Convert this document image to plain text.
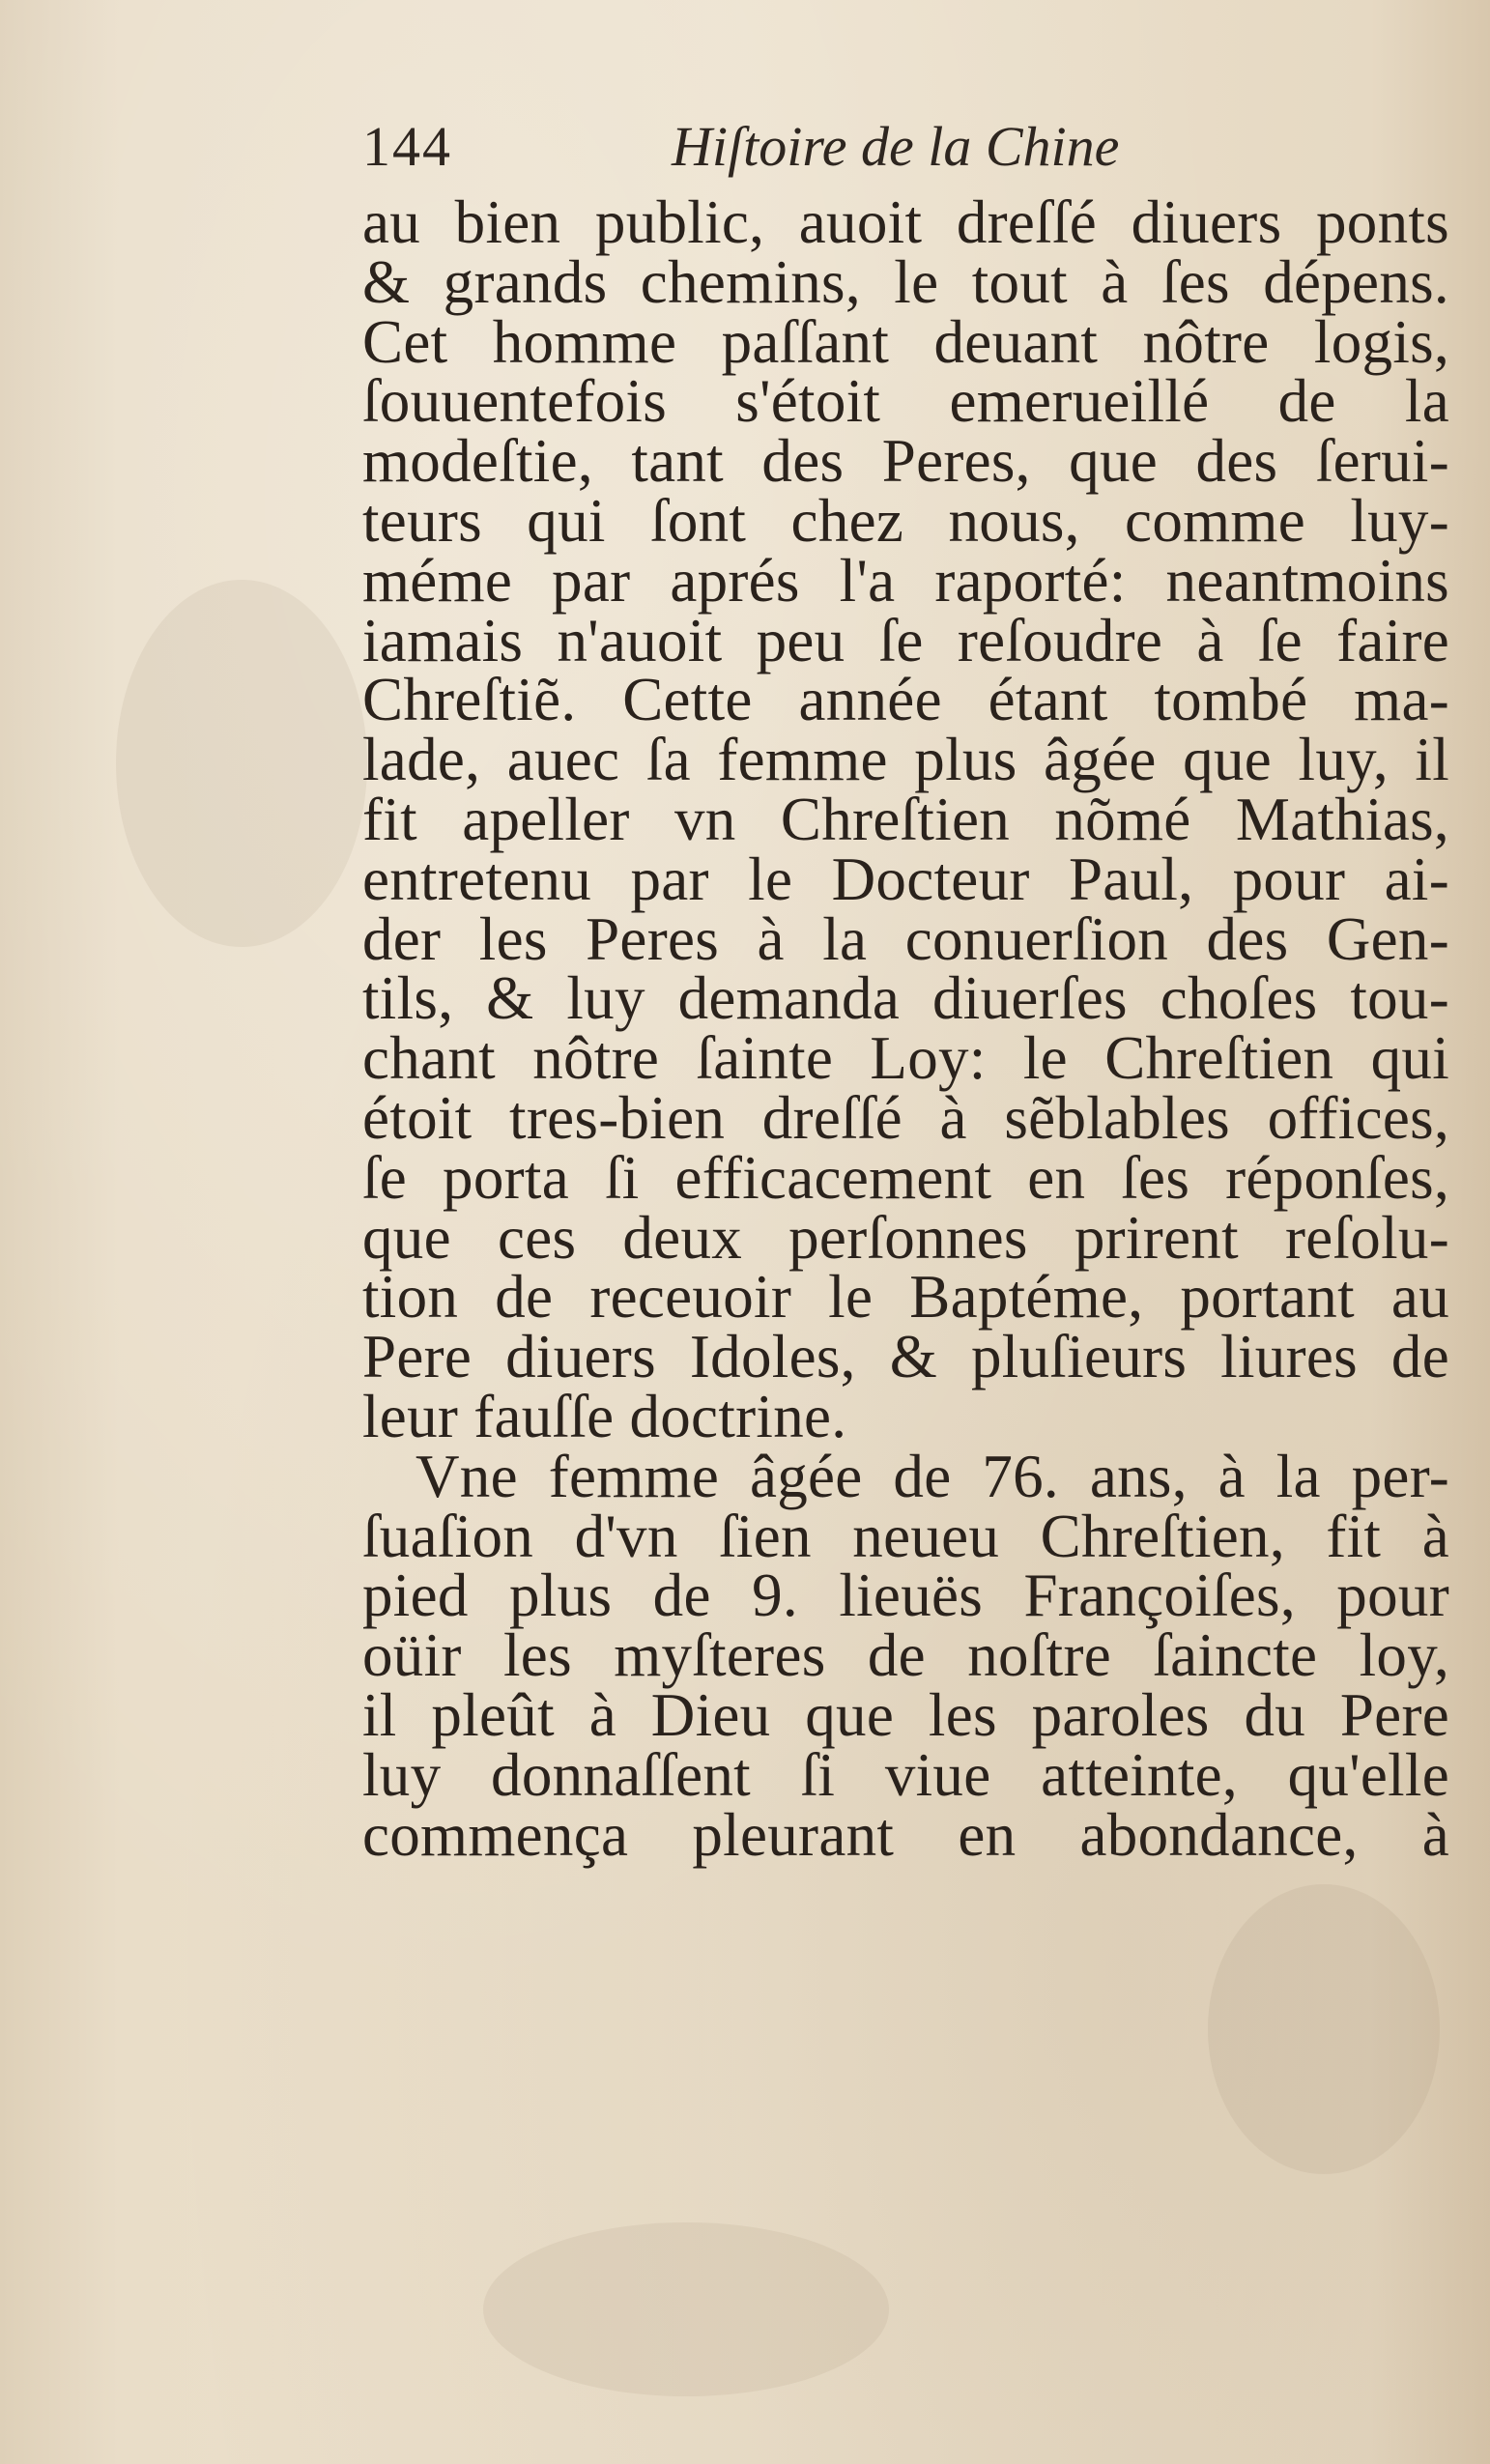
144	Hiſtoire de la Chine
au bien public, auoit dreſſé diuers ponts
& grands chemins, le tout à ſes dépens.
Cet homme paſſant deuant nôtre logis,
ſouuentefois s'étoit emerueillé de la
modeſtie, tant des Peres, que des ſerui-
teurs qui ſont chez nous, comme luy-
méme par aprés l'a raporté: neantmoins
iamais n'auoit peu ſe reſoudre à ſe faire
Chreſtiẽ. Cette année étant tombé ma-
lade, auec ſa femme plus âgée que luy, il
fit apeller vn Chreſtien nõmé Mathias,
entretenu par le Docteur Paul, pour ai-
der les Peres à la conuerſion des Gen-
tils, & luy demanda diuerſes choſes tou-
chant nôtre ſainte Loy: le Chreſtien qui
étoit tres-bien dreſſé à sẽblables offices,
ſe porta ſi efficacement en ſes réponſes,
que ces deux perſonnes prirent reſolu-
tion de receuoir le Baptéme, portant au
Pere diuers Idoles, & pluſieurs liures de
leur fauſſe doctrine.
Vne femme âgée de 76. ans, à la per-
ſuaſion d'vn ſien neueu Chreſtien, fit à
pied plus de 9. lieuës Françoiſes, pour
oüir les myſteres de noſtre ſaincte loy,
il pleût à Dieu que les paroles du Pere
luy donnaſſent ſi viue atteinte, qu'elle
commença pleurant en abondance, à
